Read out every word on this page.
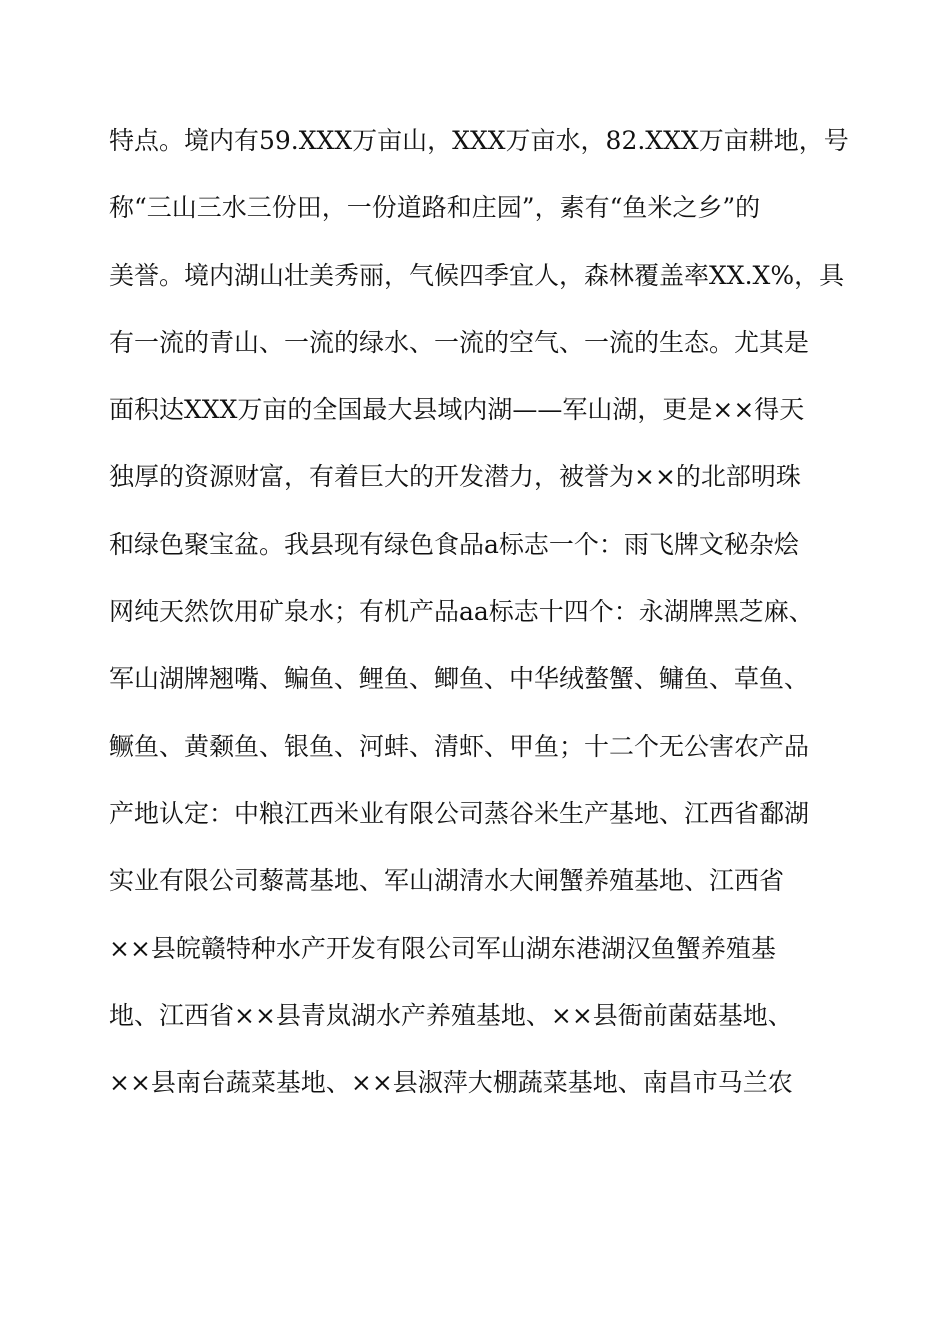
特点。境内有59.XXX万亩山，XXX万亩水，82.XXX万亩耕地，号
称“三山三水三份田，一份道路和庄园”，素有“鱼米之乡”的
美誉。境内湖山壮美秀丽，气候四季宜人，森林覆盖率XX.X%，具
有一流的青山、一流的绿水、一流的空气、一流的生态。尤其是
面积达XXX万亩的全国最大县域内湖——军山湖，更是××得天
独厚的资源财富，有着巨大的开发潜力，被誉为××的北部明珠
和绿色聚宝盆。我县现有绿色食品a标志一个：雨飞牌文秘杂烩
网纯天然饮用矿泉水；有机产品aa标志十四个：永湖牌黑芝麻、
军山湖牌翘嘴、鳊鱼、鲤鱼、鲫鱼、中华绒螯蟹、鳙鱼、草鱼、
鳜鱼、黄颡鱼、银鱼、河蚌、清虾、甲鱼；十二个无公害农产品
产地认定：中粮江西米业有限公司蒸谷米生产基地、江西省鄱湖
实业有限公司藜蒿基地、军山湖清水大闸蟹养殖基地、江西省
××县皖赣特种水产开发有限公司军山湖东港湖汉鱼蟹养殖基
地、江西省××县青岚湖水产养殖基地、××县衙前菌菇基地、
××县南台蔬菜基地、××县淑萍大棚蔬菜基地、南昌市马兰农
